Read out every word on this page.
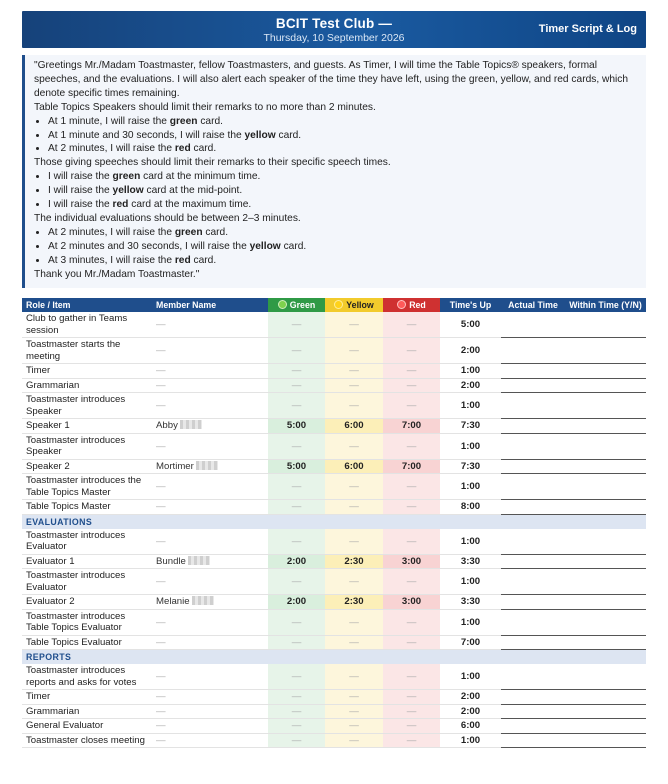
BCIT Test Club —
Thursday, 10 September 2026
Timer Script & Log

"Greetings Mr./Madam Toastmaster, fellow Toastmasters, and guests. As Timer, I will time the Table Topics® speakers, formal speeches, and the evaluations. I will also alert each speaker of the time they have left, using the green, yellow, and red cards, which denote specific times remaining.

Table Topics Speakers should limit their remarks to no more than 2 minutes.

• At 1 minute, I will raise the green card.
• At 1 minute and 30 seconds, I will raise the yellow card.
• At 2 minutes, I will raise the red card.

Those giving speeches should limit their remarks to their specific speech times.

• I will raise the green card at the minimum time.
• I will raise the yellow card at the mid-point.
• I will raise the red card at the maximum time.

The individual evaluations should be between 2–3 minutes.

• At 2 minutes, I will raise the green card.
• At 2 minutes and 30 seconds, I will raise the yellow card.
• At 3 minutes, I will raise the red card.

Thank you Mr./Madam Toastmaster."

Role / Item	Member Name	Green	Yellow	Red	Time's Up	Actual Time	Within Time (Y/N)
Club to gather in Teams session	—	—	—	—	5:00		
Toastmaster starts the meeting	—	—	—	—	2:00		
Timer	—	—	—	—	1:00		
Grammarian	—	—	—	—	2:00		
Toastmaster introduces Speaker	—	—	—	—	1:00		
Speaker 1	Abby	5:00	6:00	7:00	7:30		
Toastmaster introduces Speaker	—	—	—	—	1:00		
Speaker 2	Mortimer	5:00	6:00	7:00	7:30		
Toastmaster introduces the Table Topics Master	—	—	—	—	1:00		
Table Topics Master	—	—	—	—	8:00		
EVALUATIONS							
Toastmaster introduces Evaluator	—	—	—	—	1:00		
Evaluator 1	Bundle	2:00	2:30	3:00	3:30		
Toastmaster introduces Evaluator	—	—	—	—	1:00		
Evaluator 2	Melanie	2:00	2:30	3:00	3:30		
Toastmaster introduces Table Topics Evaluator	—	—	—	—	1:00		
Table Topics Evaluator	—	—	—	—	7:00		
REPORTS							
Toastmaster introduces reports and asks for votes	—	—	—	—	1:00		
Timer	—	—	—	—	2:00		
Grammarian	—	—	—	—	2:00		
General Evaluator	—	—	—	—	6:00		
Toastmaster closes meeting	—	—	—	—	1:00		
